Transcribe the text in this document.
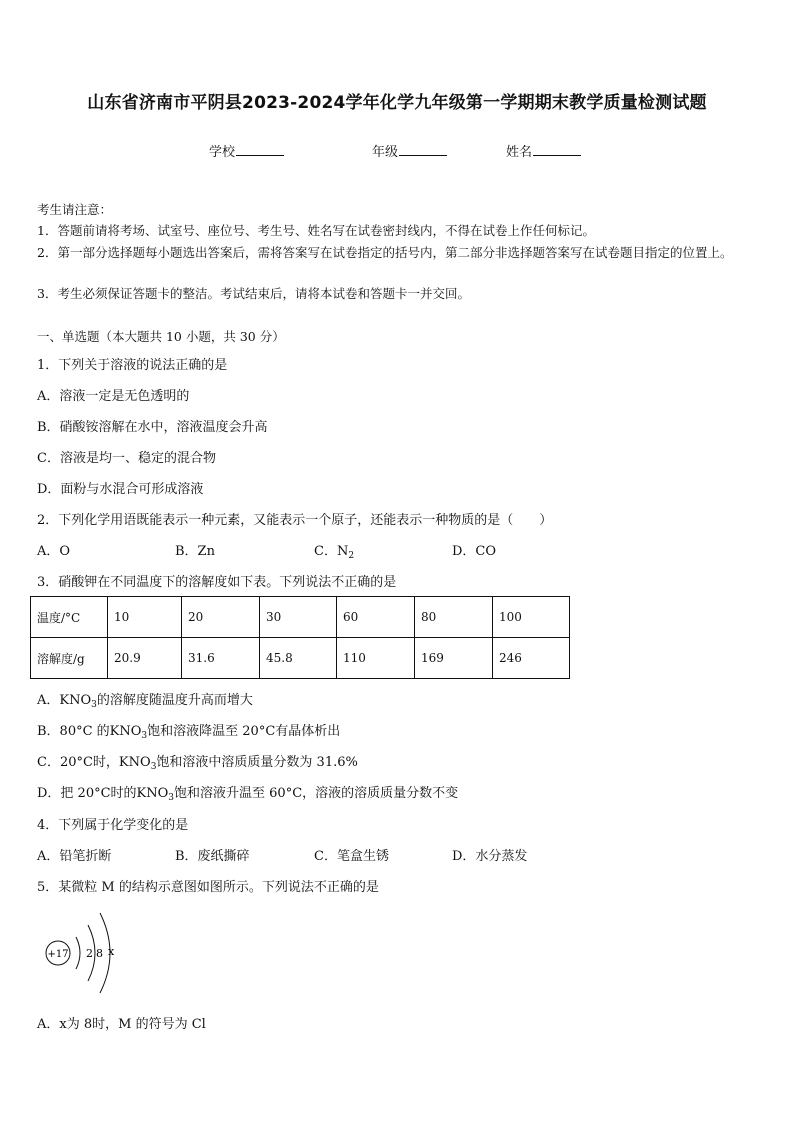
山东省济南市平阴县2023-2024学年化学九年级第一学期期末教学质量检测试题
学校	年级	姓名
考生请注意：
1．答题前请将考场、试室号、座位号、考生号、姓名写在试卷密封线内，不得在试卷上作任何标记。
2．第一部分选择题每小题选出答案后，需将答案写在试卷指定的括号内，第二部分非选择题答案写在试卷题目指定的位置上。
3．考生必须保证答题卡的整洁。考试结束后，请将本试卷和答题卡一并交回。
一、单选题（本大题共 10 小题，共 30 分）
1．下列关于溶液的说法正确的是
A．溶液一定是无色透明的
B．硝酸铵溶解在水中，溶液温度会升高
C．溶液是均一、稳定的混合物
D．面粉与水混合可形成溶液
2．下列化学用语既能表示一种元素，又能表示一个原子，还能表示一种物质的是（　　）
A．O	B．Zn	C．$N_2$	D．CO
3．硝酸钾在不同温度下的溶解度如下表。下列说法不正确的是
温度/°C	10	20	30	60	80	100
溶解度/g	20.9	31.6	45.8	110	169	246
A．$KNO_3$的溶解度随温度升高而增大
B．80°C 的$KNO_3$饱和溶液降温至 20°C有晶体析出
C．20°C时，$KNO_3$饱和溶液中溶质质量分数为 31.6%
D．把 20°C时的$KNO_3$饱和溶液升温至 60°C，溶液的溶质质量分数不变
4．下列属于化学变化的是
A．铅笔折断	B．废纸撕碎	C．笔盒生锈	D．水分蒸发
5．某微粒 M 的结构示意图如图所示。下列说法不正确的是
+17 2 8 x
A．x为 8时，M 的符号为 Cl
